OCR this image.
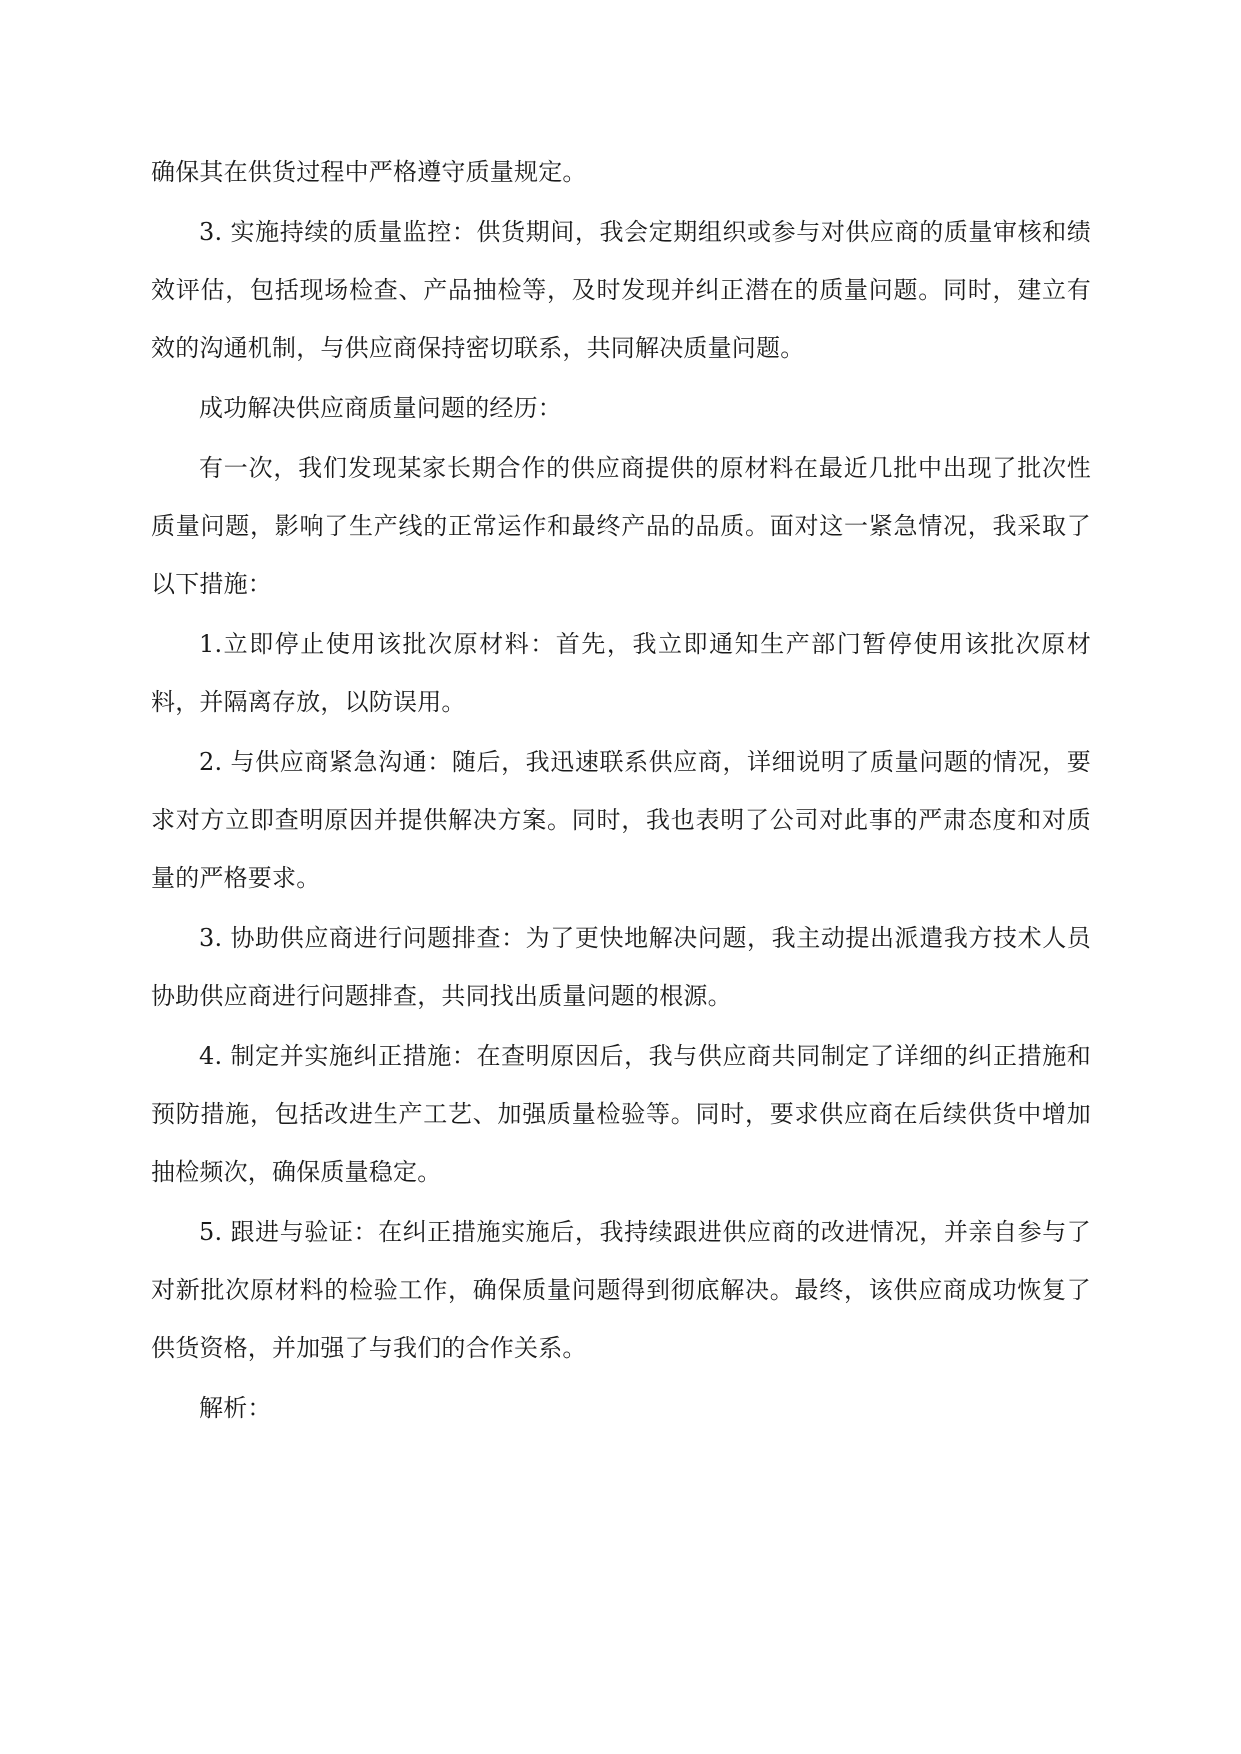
确保其在供货过程中严格遵守质量规定。

3. 实施持续的质量监控：供货期间，我会定期组织或参与对供应商的质量审核和绩效评估，包括现场检查、产品抽检等，及时发现并纠正潜在的质量问题。同时，建立有效的沟通机制，与供应商保持密切联系，共同解决质量问题。

成功解决供应商质量问题的经历：

有一次，我们发现某家长期合作的供应商提供的原材料在最近几批中出现了批次性质量问题，影响了生产线的正常运作和最终产品的品质。面对这一紧急情况，我采取了以下措施：

1.立即停止使用该批次原材料：首先，我立即通知生产部门暂停使用该批次原材料，并隔离存放，以防误用。

2. 与供应商紧急沟通：随后，我迅速联系供应商，详细说明了质量问题的情况，要求对方立即查明原因并提供解决方案。同时，我也表明了公司对此事的严肃态度和对质量的严格要求。

3. 协助供应商进行问题排查：为了更快地解决问题，我主动提出派遣我方技术人员协助供应商进行问题排查，共同找出质量问题的根源。

4. 制定并实施纠正措施：在查明原因后，我与供应商共同制定了详细的纠正措施和预防措施，包括改进生产工艺、加强质量检验等。同时，要求供应商在后续供货中增加抽检频次，确保质量稳定。

5. 跟进与验证：在纠正措施实施后，我持续跟进供应商的改进情况，并亲自参与了对新批次原材料的检验工作，确保质量问题得到彻底解决。最终，该供应商成功恢复了供货资格，并加强了与我们的合作关系。

解析：
